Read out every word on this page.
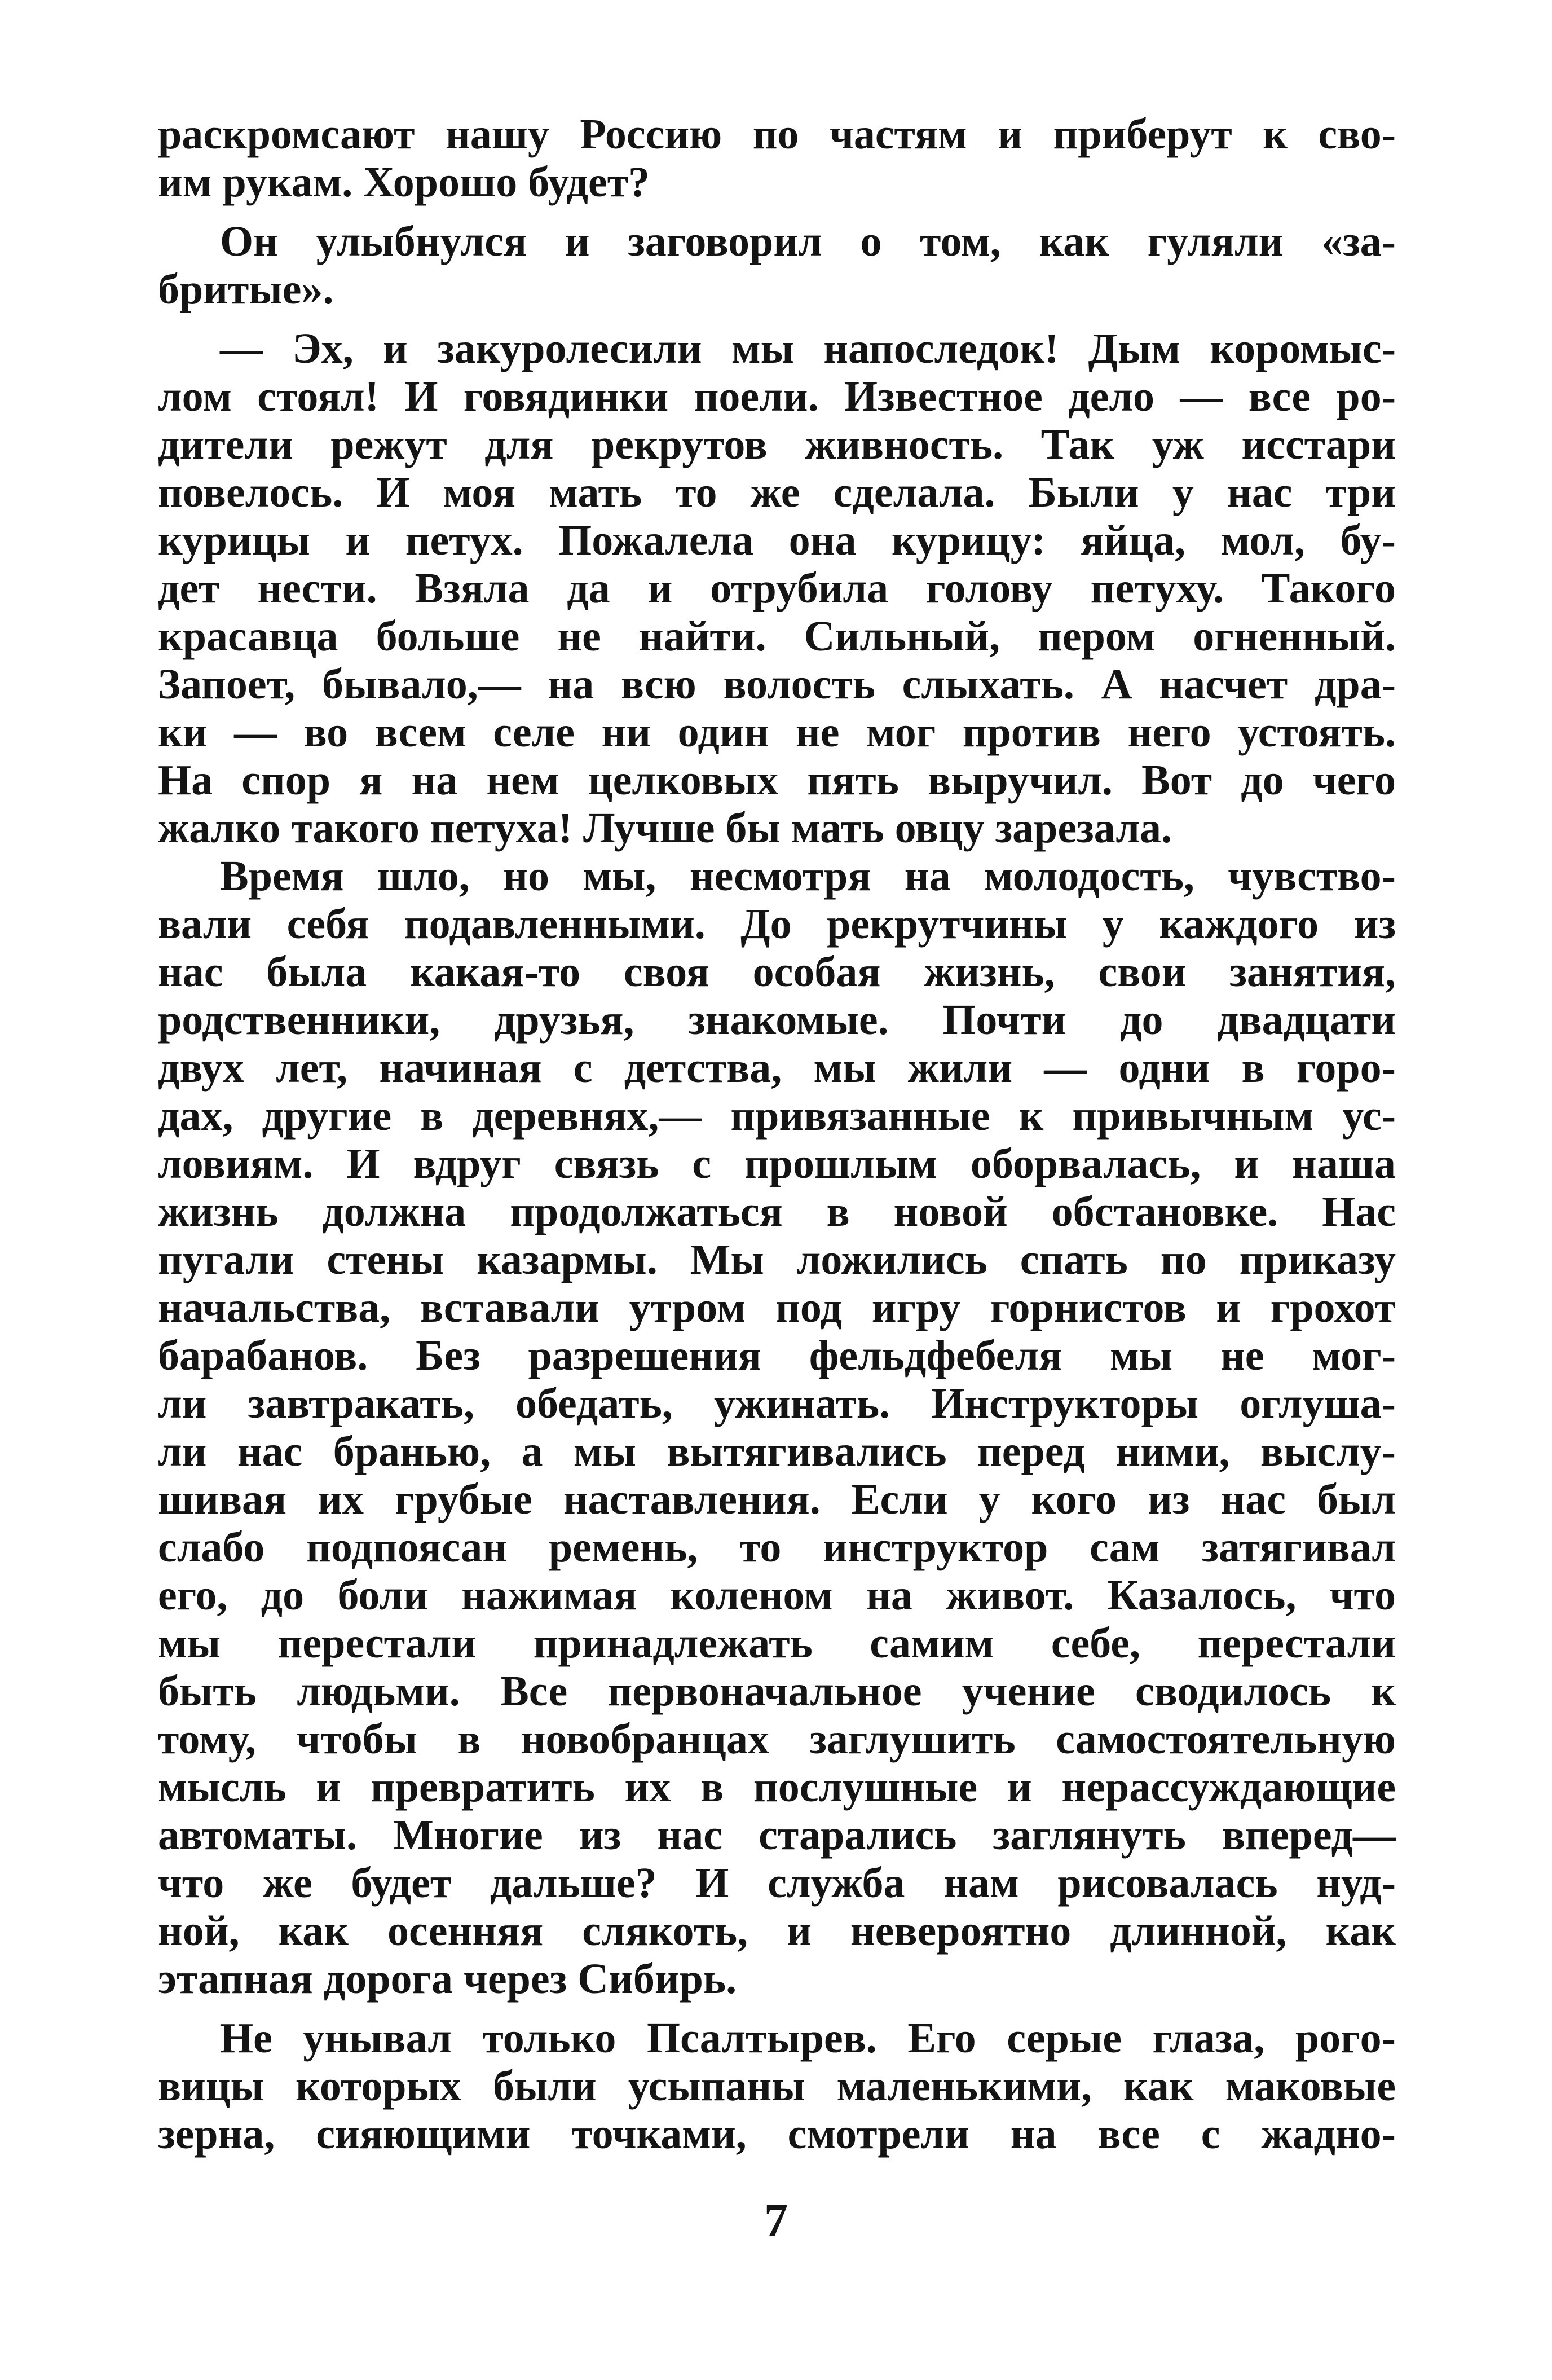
раскромсают нашу Россию по частям и приберут к сво-
им рукам. Хорошо будет?
Он улыбнулся и заговорил о том, как гуляли «за-
бритые».
— Эх, и закуролесили мы напоследок! Дым коромыс-
лом стоял! И говядинки поели. Известное дело — все ро-
дители режут для рекрутов живность. Так уж исстари
повелось. И моя мать то же сделала. Были у нас три
курицы и петух. Пожалела она курицу: яйца, мол, бу-
дет нести. Взяла да и отрубила голову петуху. Такого
красавца больше не найти. Сильный, пером огненный.
Запоет, бывало,— на всю волость слыхать. А насчет дра-
ки — во всем селе ни один не мог против него устоять.
На спор я на нем целковых пять выручил. Вот до чего
жалко такого петуха! Лучше бы мать овцу зарезала.
Время шло, но мы, несмотря на молодость, чувство-
вали себя подавленными. До рекрутчины у каждого из
нас была какая-то своя особая жизнь, свои занятия,
родственники, друзья, знакомые. Почти до двадцати
двух лет, начиная с детства, мы жили — одни в горо-
дах, другие в деревнях,— привязанные к привычным ус-
ловиям. И вдруг связь с прошлым оборвалась, и наша
жизнь должна продолжаться в новой обстановке. Нас
пугали стены казармы. Мы ложились спать по приказу
начальства, вставали утром под игру горнистов и грохот
барабанов. Без разрешения фельдфебеля мы не мог-
ли завтракать, обедать, ужинать. Инструкторы оглуша-
ли нас бранью, а мы вытягивались перед ними, выслу-
шивая их грубые наставления. Если у кого из нас был
слабо подпоясан ремень, то инструктор сам затягивал
его, до боли нажимая коленом на живот. Казалось, что
мы перестали принадлежать самим себе, перестали
быть людьми. Все первоначальное учение сводилось к
тому, чтобы в новобранцах заглушить самостоятельную
мысль и превратить их в послушные и нерассуждающие
автоматы. Многие из нас старались заглянуть вперед—
что же будет дальше? И служба нам рисовалась нуд-
ной, как осенняя слякоть, и невероятно длинной, как
этапная дорога через Сибирь.
Не унывал только Псалтырев. Его серые глаза, рогo-
вицы которых были усыпаны маленькими, как маковые
зерна, сияющими точками, смотрели на все с жадно-
7
